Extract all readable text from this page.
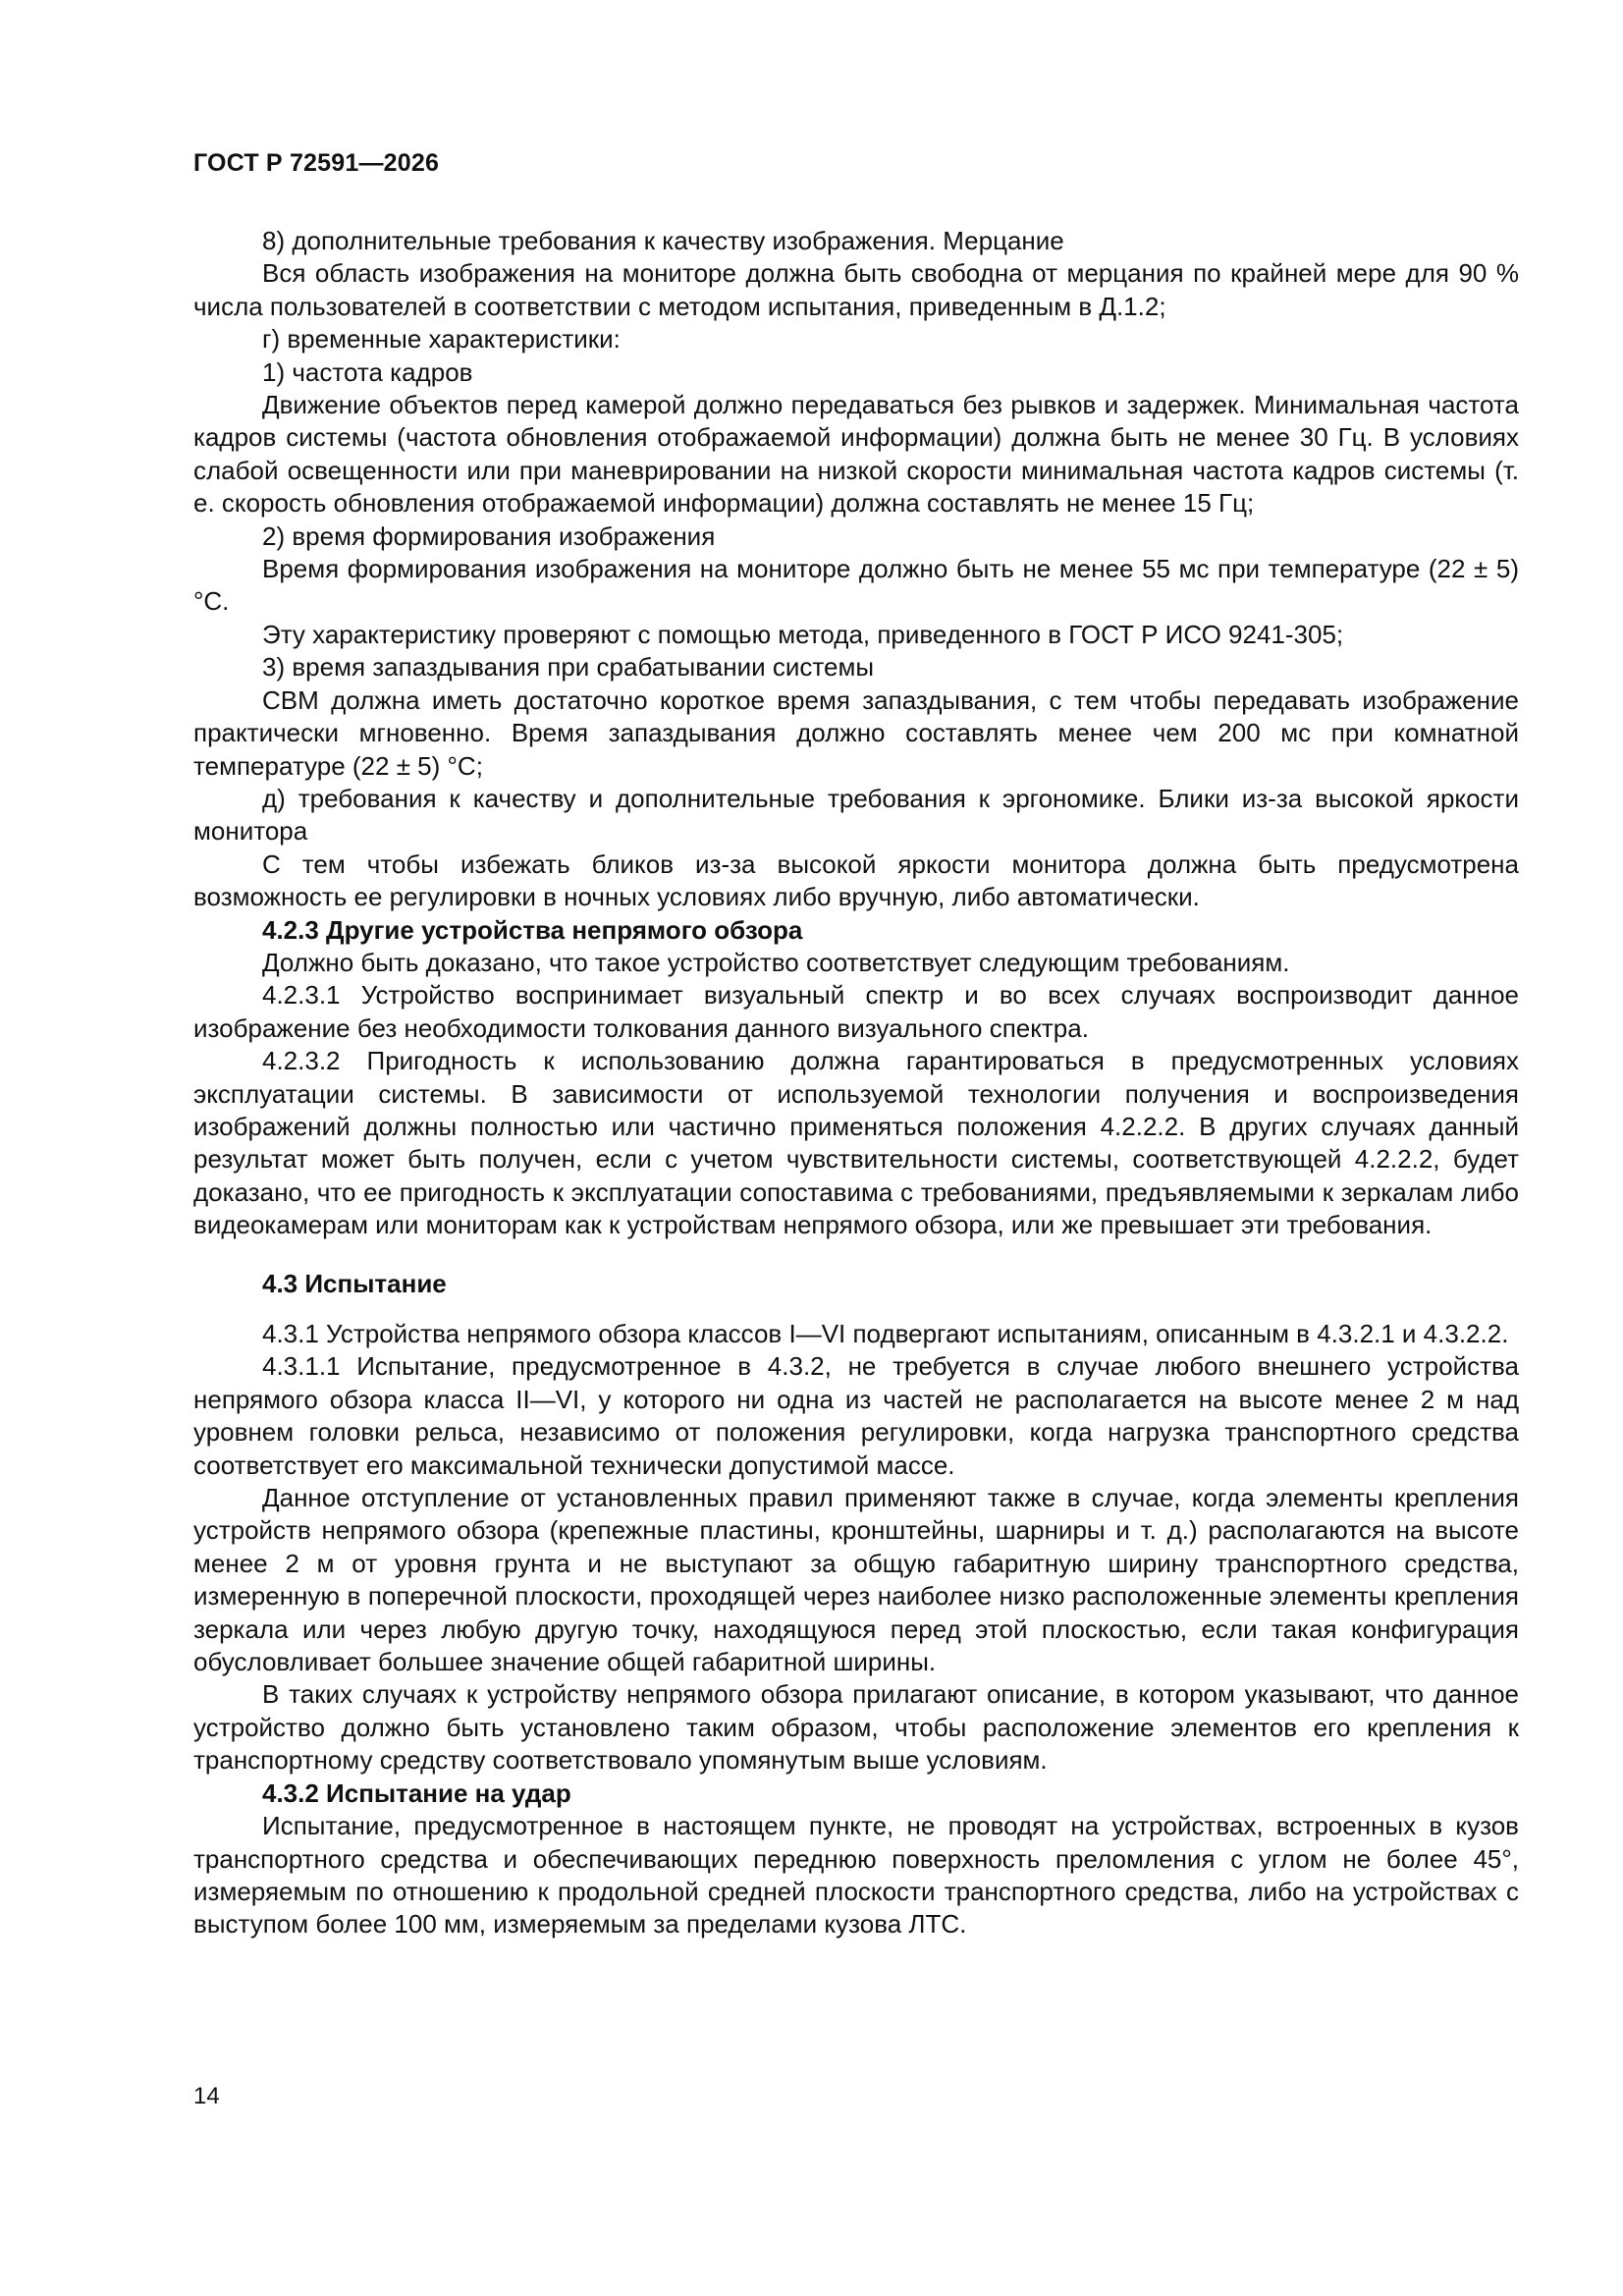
ГОСТ Р 72591—2026

8) дополнительные требования к качеству изображения. Мерцание

Вся область изображения на мониторе должна быть свободна от мерцания по крайней мере для 90 % числа пользователей в соответствии с методом испытания, приведенным в Д.1.2;

г) временные характеристики:

1) частота кадров

Движение объектов перед камерой должно передаваться без рывков и задержек. Минимальная частота кадров системы (частота обновления отображаемой информации) должна быть не менее 30 Гц. В условиях слабой освещенности или при маневрировании на низкой скорости минимальная частота кадров системы (т. е. скорость обновления отображаемой информации) должна составлять не менее 15 Гц;

2) время формирования изображения

Время формирования изображения на мониторе должно быть не менее 55 мс при температуре (22 ± 5) °С.

Эту характеристику проверяют с помощью метода, приведенного в ГОСТ Р ИСО 9241-305;

3) время запаздывания при срабатывании системы

СВМ должна иметь достаточно короткое время запаздывания, с тем чтобы передавать изображение практически мгновенно. Время запаздывания должно составлять менее чем 200 мс при комнатной температуре (22 ± 5) °С;

д) требования к качеству и дополнительные требования к эргономике. Блики из-за высокой яркости монитора

С тем чтобы избежать бликов из-за высокой яркости монитора должна быть предусмотрена возможность ее регулировки в ночных условиях либо вручную, либо автоматически.

4.2.3 Другие устройства непрямого обзора

Должно быть доказано, что такое устройство соответствует следующим требованиям.

4.2.3.1 Устройство воспринимает визуальный спектр и во всех случаях воспроизводит данное изображение без необходимости толкования данного визуального спектра.

4.2.3.2 Пригодность к использованию должна гарантироваться в предусмотренных условиях эксплуатации системы. В зависимости от используемой технологии получения и воспроизведения изображений должны полностью или частично применяться положения 4.2.2.2. В других случаях данный результат может быть получен, если с учетом чувствительности системы, соответствующей 4.2.2.2, будет доказано, что ее пригодность к эксплуатации сопоставима с требованиями, предъявляемыми к зеркалам либо видеокамерам или мониторам как к устройствам непрямого обзора, или же превышает эти требования.

4.3 Испытание

4.3.1 Устройства непрямого обзора классов I—VI подвергают испытаниям, описанным в 4.3.2.1 и 4.3.2.2.

4.3.1.1 Испытание, предусмотренное в 4.3.2, не требуется в случае любого внешнего устройства непрямого обзора класса II—VI, у которого ни одна из частей не располагается на высоте менее 2 м над уровнем головки рельса, независимо от положения регулировки, когда нагрузка транспортного средства соответствует его максимальной технически допустимой массе.

Данное отступление от установленных правил применяют также в случае, когда элементы крепления устройств непрямого обзора (крепежные пластины, кронштейны, шарниры и т. д.) располагаются на высоте менее 2 м от уровня грунта и не выступают за общую габаритную ширину транспортного средства, измеренную в поперечной плоскости, проходящей через наиболее низко расположенные элементы крепления зеркала или через любую другую точку, находящуюся перед этой плоскостью, если такая конфигурация обусловливает большее значение общей габаритной ширины.

В таких случаях к устройству непрямого обзора прилагают описание, в котором указывают, что данное устройство должно быть установлено таким образом, чтобы расположение элементов его крепления к транспортному средству соответствовало упомянутым выше условиям.

4.3.2 Испытание на удар

Испытание, предусмотренное в настоящем пункте, не проводят на устройствах, встроенных в кузов транспортного средства и обеспечивающих переднюю поверхность преломления с углом не более 45°, измеряемым по отношению к продольной средней плоскости транспортного средства, либо на устройствах с выступом более 100 мм, измеряемым за пределами кузова ЛТС.

14
